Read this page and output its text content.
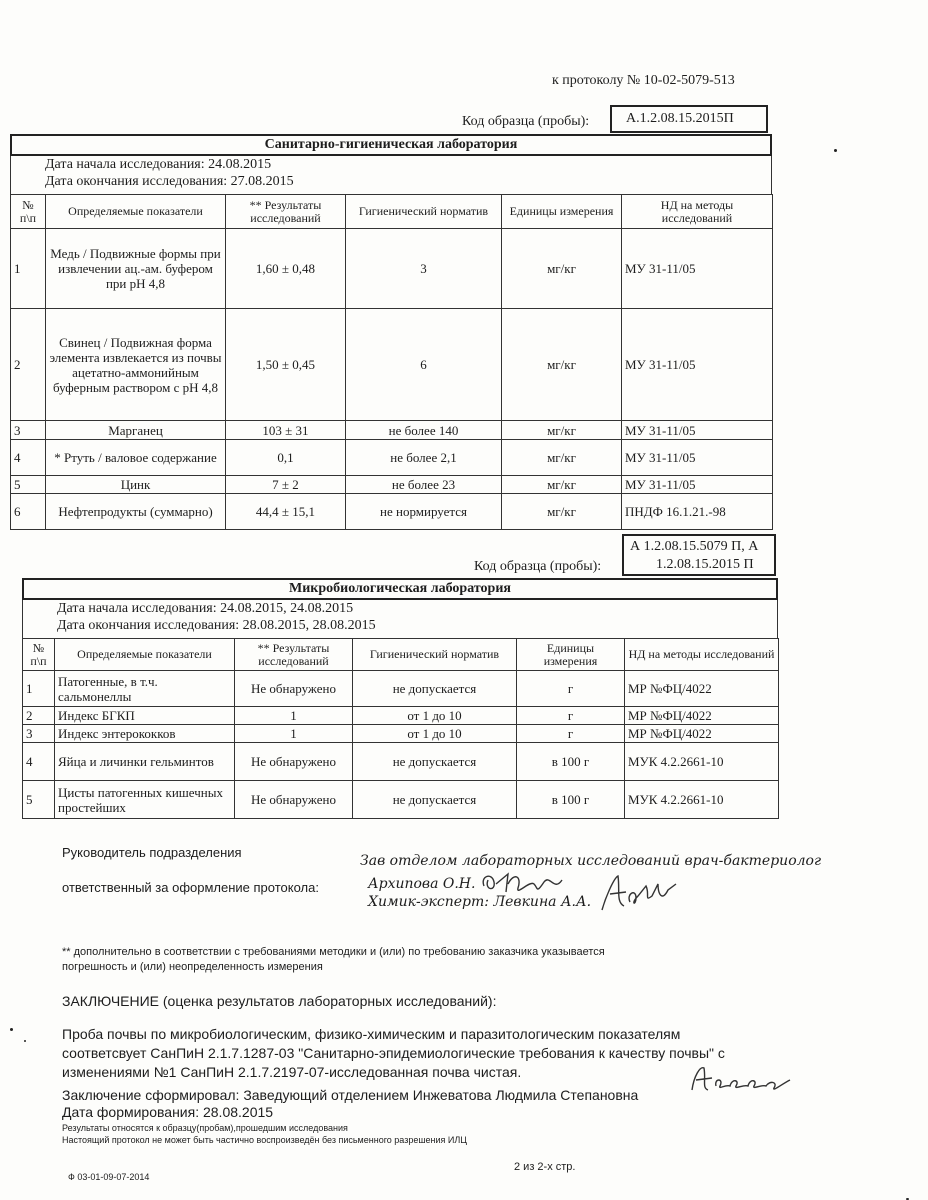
к протоколу № 10-02-5079-513
Код образца (пробы):	А.1.2.08.15.2015П
Санитарно-гигиеническая лаборатория
Дата начала исследования: 24.08.2015
Дата окончания исследования: 27.08.2015
№ п\п	Определяемые показатели	** Результаты исследований	Гигиенический норматив	Единицы измерения	НД на методы исследований
1	Медь / Подвижные формы при извлечении ац.-ам. буфером при рН 4,8	1,60 ± 0,48	3	мг/кг	МУ 31-11/05
2	Свинец / Подвижная форма элемента извлекается из почвы ацетатно-аммонийным буферным раствором с рН 4,8	1,50 ± 0,45	6	мг/кг	МУ 31-11/05
3	Марганец	103 ± 31	не более 140	мг/кг	МУ 31-11/05
4	* Ртуть / валовое содержание	0,1	не более 2,1	мг/кг	МУ 31-11/05
5	Цинк	7 ± 2	не более 23	мг/кг	МУ 31-11/05
6	Нефтепродукты (суммарно)	44,4 ± 15,1	не нормируется	мг/кг	ПНДФ 16.1.21.-98
Код образца (пробы):
А 1.2.08.15.5079 П, А
1.2.08.15.2015 П
Микробиологическая лаборатория
Дата начала исследования: 24.08.2015, 24.08.2015
Дата окончания исследования: 28.08.2015, 28.08.2015
№ п\п	Определяемые показатели	** Результаты исследований	Гигиенический норматив	Единицы измерения	НД на методы исследований
1	Патогенные, в т.ч. сальмонеллы	Не обнаружено	не допускается	г	МР №ФЦ/4022
2	Индекс БГКП	1	от 1 до 10	г	МР №ФЦ/4022
3	Индекс энтерококков	1	от 1 до 10	г	МР №ФЦ/4022
4	Яйца и личинки гельминтов	Не обнаружено	не допускается	в 100 г	МУК 4.2.2661-10
5	Цисты патогенных кишечных простейших	Не обнаружено	не допускается	в 100 г	МУК 4.2.2661-10
Руководитель подразделения
ответственный за оформление протокола:
Зав отделом лабораторных исследований врач-бактериолог
Архипова О.Н.
Химик-эксперт: Левкина А.А.
** дополнительно в соответствии с требованиями методики и (или) по требованию заказчика указывается
погрешность и (или) неопределенность измерения
ЗАКЛЮЧЕНИЕ (оценка результатов лабораторных исследований):
Проба почвы по микробиологическим, физико-химическим и паразитологическим показателям
соответсвует СанПиН 2.1.7.1287-03 "Санитарно-эпидемиологические требования к качеству почвы" с
изменениями №1 СанПиН 2.1.7.2197-07-исследованная почва чистая.
Заключение сформировал: Заведующий отделением Инжеватова Людмила Степановна
Дата формирования: 28.08.2015
Результаты относятся к образцу(пробам),прошедшим исследования
Настоящий протокол не может быть частично воспроизведён без письменного разрешения ИЛЦ
Ф 03-01-09-07-2014
2 из 2-х стр.
